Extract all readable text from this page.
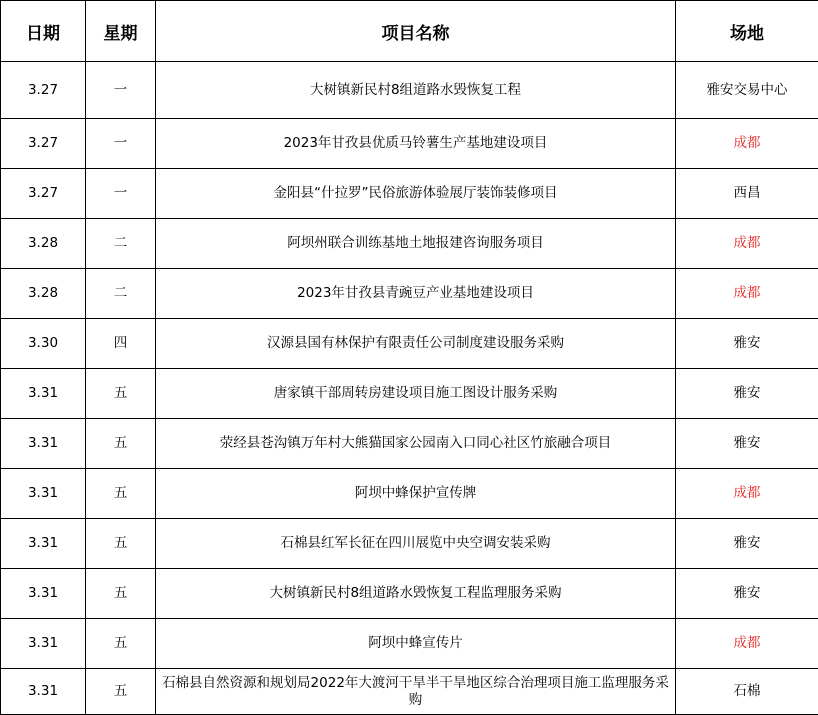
日期	星期	项目名称	场地
3.27	一	大树镇新民村8组道路水毁恢复工程	雅安交易中心
3.27	一	2023年甘孜县优质马铃薯生产基地建设项目	成都
3.27	一	金阳县“什拉罗”民俗旅游体验展厅装饰装修项目	西昌
3.28	二	阿坝州联合训练基地土地报建咨询服务项目	成都
3.28	二	2023年甘孜县青豌豆产业基地建设项目	成都
3.30	四	汉源县国有林保护有限责任公司制度建设服务采购	雅安
3.31	五	唐家镇干部周转房建设项目施工图设计服务采购	雅安
3.31	五	荥经县苍沟镇万年村大熊猫国家公园南入口同心社区竹旅融合项目	雅安
3.31	五	阿坝中蜂保护宣传牌	成都
3.31	五	石棉县红军长征在四川展览中央空调安装采购	雅安
3.31	五	大树镇新民村8组道路水毁恢复工程监理服务采购	雅安
3.31	五	阿坝中蜂宣传片	成都
3.31	五	石棉县自然资源和规划局2022年大渡河干旱半干旱地区综合治理项目施工监理服务采购	石棉
